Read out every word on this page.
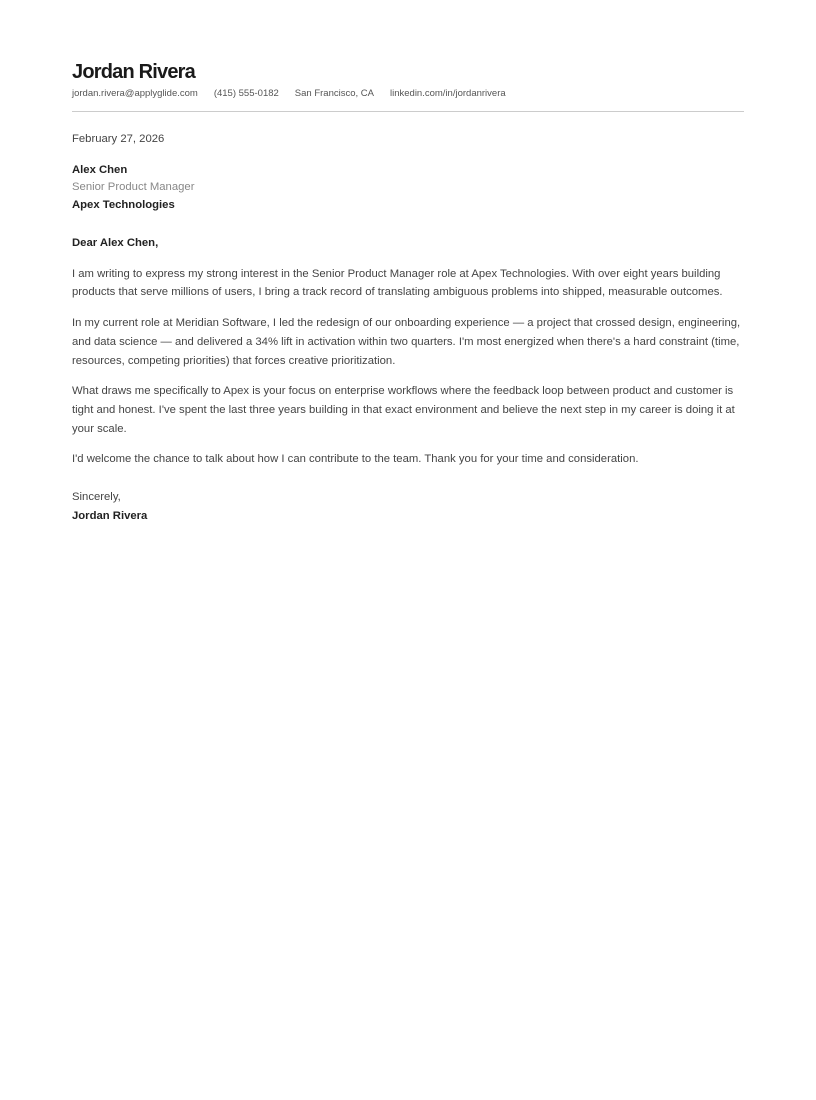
Jordan Rivera
jordan.rivera@applyglide.com (415) 555-0182 San Francisco, CA linkedin.com/in/jordanrivera
February 27, 2026
Alex Chen
Senior Product Manager
Apex Technologies
Dear Alex Chen,

I am writing to express my strong interest in the Senior Product Manager role at Apex Technologies. With over eight years building products that serve millions of users, I bring a track record of translating ambiguous problems into shipped, measurable outcomes.

In my current role at Meridian Software, I led the redesign of our onboarding experience — a project that crossed design, engineering, and data science — and delivered a 34% lift in activation within two quarters. I'm most energized when there's a hard constraint (time, resources, competing priorities) that forces creative prioritization.

What draws me specifically to Apex is your focus on enterprise workflows where the feedback loop between product and customer is tight and honest. I've spent the last three years building in that exact environment and believe the next step in my career is doing it at your scale.

I'd welcome the chance to talk about how I can contribute to the team. Thank you for your time and consideration.

Sincerely,
Jordan Rivera
